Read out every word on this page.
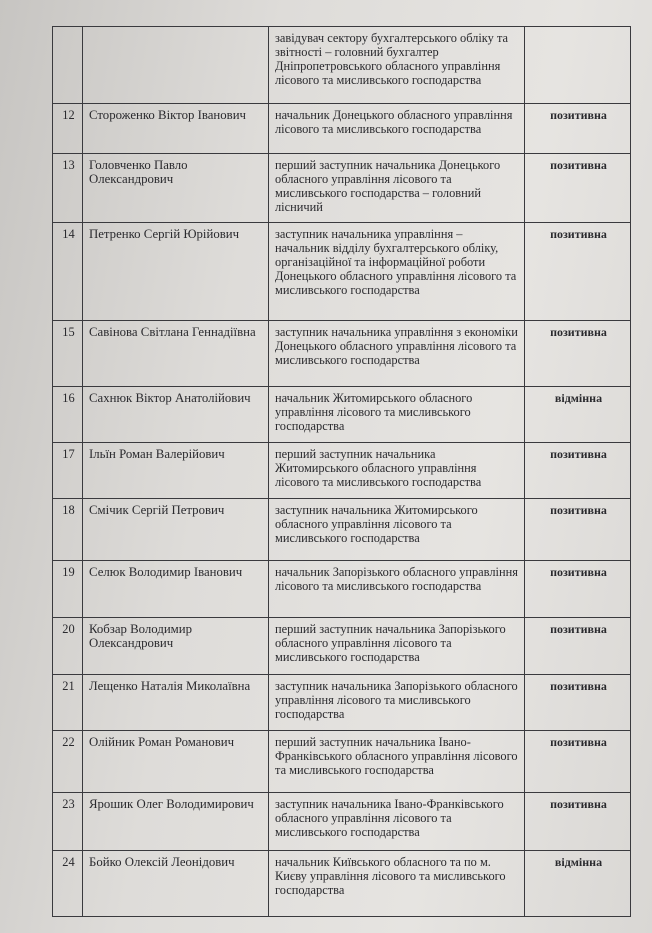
		завідувач сектору бухгалтерського обліку та звітності – головний бухгалтер Дніпропетровського обласного управління лісового та мисливського господарства	
12	Стороженко Віктор Іванович	начальник Донецького обласного управління лісового та мисливського господарства	позитивна
13	Головченко Павло Олександрович	перший заступник начальника Донецького обласного управління лісового та мисливського господарства – головний лісничий	позитивна
14	Петренко Сергій Юрійович	заступник начальника управління – начальник відділу бухгалтерського обліку, організаційної та інформаційної роботи Донецького обласного управління лісового та мисливського господарства	позитивна
15	Савінова Світлана Геннадіївна	заступник начальника управління з економіки Донецького обласного управління лісового та мисливського господарства	позитивна
16	Сахнюк Віктор Анатолійович	начальник Житомирського обласного управління лісового та мисливського господарства	відмінна
17	Ільїн Роман Валерійович	перший заступник начальника Житомирського обласного управління лісового та мисливського господарства	позитивна
18	Смічик Сергій Петрович	заступник начальника Житомирського обласного управління лісового та мисливського господарства	позитивна
19	Селюк Володимир Іванович	начальник Запорізького обласного управління лісового та мисливського господарства	позитивна
20	Кобзар Володимир Олександрович	перший заступник начальника Запорізького обласного управління лісового та мисливського господарства	позитивна
21	Лещенко Наталія Миколаївна	заступник начальника Запорізького обласного управління лісового та мисливського господарства	позитивна
22	Олійник Роман Романович	перший заступник начальника Івано-Франківського обласного управління лісового та мисливського господарства	позитивна
23	Ярошик Олег Володимирович	заступник начальника Івано-Франківського обласного управління лісового та мисливського господарства	позитивна
24	Бойко Олексій Леонідович	начальник Київського обласного та по м. Києву управління лісового та мисливського господарства	відмінна
